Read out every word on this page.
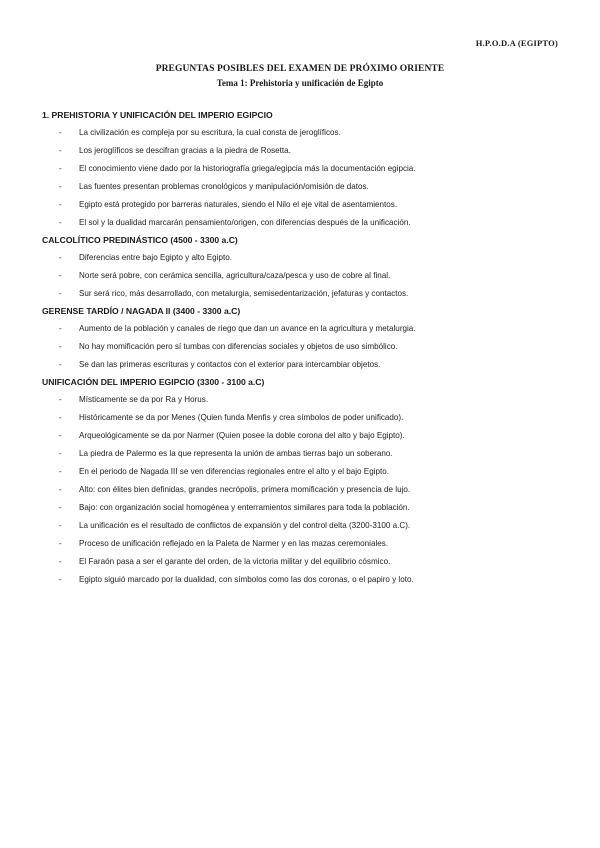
H.P.O.D.A (EGIPTO)
PREGUNTAS POSIBLES DEL EXAMEN DE PRÓXIMO ORIENTE
Tema 1: Prehistoria y unificación de Egipto
1. PREHISTORIA Y UNIFICACIÓN DEL IMPERIO EGIPCIO
- La civilización es compleja por su escritura, la cual consta de jeroglíficos.
- Los jeroglíficos se descifran gracias a la piedra de Rosetta.
- El conocimiento viene dado por la historiografía griega/egipcia más la documentación egipcia.
- Las fuentes presentan problemas cronológicos y manipulación/omisión de datos.
- Egipto está protegido por barreras naturales, siendo el Nilo el eje vital de asentamientos.
- El sol y la dualidad marcarán pensamiento/origen, con diferencias después de la unificación.
CALCOLÍTICO PREDINÁSTICO (4500 - 3300 a.C)
- Diferencias entre bajo Egipto y alto Egipto.
- Norte será pobre, con cerámica sencilla, agricultura/caza/pesca y uso de cobre al final.
- Sur será rico, más desarrollado, con metalurgia, semisedentarización, jefaturas y contactos.
GERENSE TARDÍO / NAGADA II (3400 - 3300 a.C)
- Aumento de la población y canales de riego que dan un avance en la agricultura y metalurgia.
- No hay momificación pero sí tumbas con diferencias sociales y objetos de uso simbólico.
- Se dan las primeras escrituras y contactos con el exterior para intercambiar objetos.
UNIFICACIÓN DEL IMPERIO EGIPCIO (3300 - 3100 a.C)
- Místicamente se da por Ra y Horus.
- Históricamente se da por Menes (Quien funda Menfis y crea símbolos de poder unificado).
- Arqueológicamente se da por Narmer (Quien posee la doble corona del alto y bajo Egipto).
- La piedra de Palermo es la que representa la unión de ambas tierras bajo un soberano.
- En el periodo de Nagada III se ven diferencias regionales entre el alto y el bajo Egipto.
- Alto: con élites bien definidas, grandes necrópolis, primera momificación y presencia de lujo.
- Bajo: con organización social homogénea y enterramientos similares para toda la población.
- La unificación es el resultado de conflictos de expansión y del control delta (3200-3100 a.C).
- Proceso de unificación reflejado en la Paleta de Narmer y en las mazas ceremoniales.
- El Faraón pasa a ser el garante del orden, de la victoria militar y del equilibrio cósmico.
- Egipto siguió marcado por la dualidad, con símbolos como las dos coronas, o el papiro y loto.
